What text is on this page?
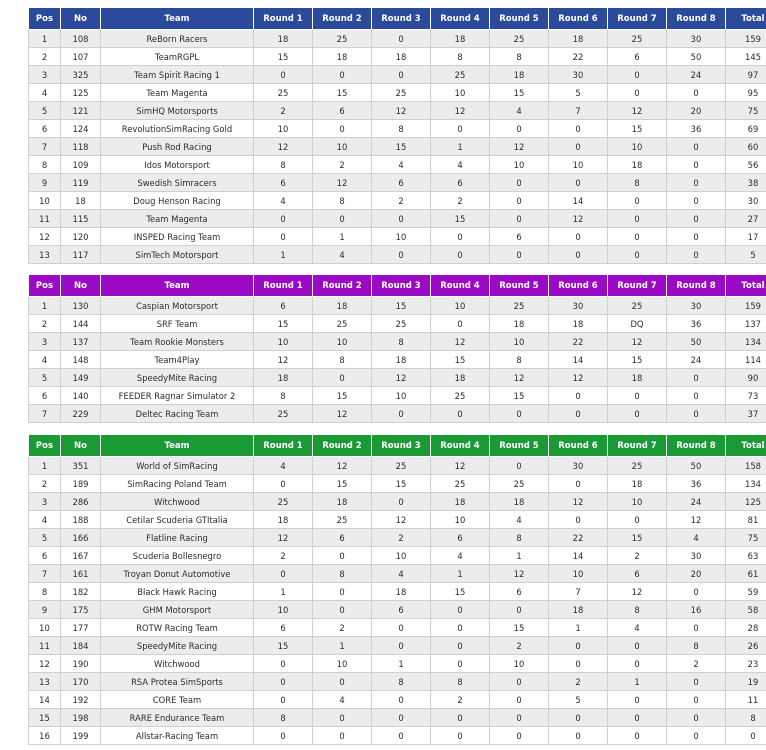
Pos	No	Team	Round 1	Round 2	Round 3	Round 4	Round 5	Round 6	Round 7	Round 8	Total
1	108	ReBorn Racers	18	25	0	18	25	18	25	30	159
2	107	TeamRGPL	15	18	18	8	8	22	6	50	145
3	325	Team Spirit Racing 1	0	0	0	25	18	30	0	24	97
4	125	Team Magenta	25	15	25	10	15	5	0	0	95
5	121	SimHQ Motorsports	2	6	12	12	4	7	12	20	75
6	124	RevolutionSimRacing Gold	10	0	8	0	0	0	15	36	69
7	118	Push Rod Racing	12	10	15	1	12	0	10	0	60
8	109	Idos Motorsport	8	2	4	4	10	10	18	0	56
9	119	Swedish Simracers	6	12	6	6	0	0	8	0	38
10	18	Doug Henson Racing	4	8	2	2	0	14	0	0	30
11	115	Team Magenta	0	0	0	15	0	12	0	0	27
12	120	INSPED Racing Team	0	1	10	0	6	0	0	0	17
13	117	SimTech Motorsport	1	4	0	0	0	0	0	0	5
Pos	No	Team	Round 1	Round 2	Round 3	Round 4	Round 5	Round 6	Round 7	Round 8	Total
1	130	Caspian Motorsport	6	18	15	10	25	30	25	30	159
2	144	SRF Team	15	25	25	0	18	18	DQ	36	137
3	137	Team Rookie Monsters	10	10	8	12	10	22	12	50	134
4	148	Team4Play	12	8	18	15	8	14	15	24	114
5	149	SpeedyMite Racing	18	0	12	18	12	12	18	0	90
6	140	FEEDER Ragnar Simulator 2	8	15	10	25	15	0	0	0	73
7	229	Deltec Racing Team	25	12	0	0	0	0	0	0	37
Pos	No	Team	Round 1	Round 2	Round 3	Round 4	Round 5	Round 6	Round 7	Round 8	Total
1	351	World of SimRacing	4	12	25	12	0	30	25	50	158
2	189	SimRacing Poland Team	0	15	15	25	25	0	18	36	134
3	286	Witchwood	25	18	0	18	18	12	10	24	125
4	188	Cetilar Scuderia GTItalia	18	25	12	10	4	0	0	12	81
5	166	Flatline Racing	12	6	2	6	8	22	15	4	75
6	167	Scuderia Bollesnegro	2	0	10	4	1	14	2	30	63
7	161	Troyan Donut Automotive	0	8	4	1	12	10	6	20	61
8	182	Black Hawk Racing	1	0	18	15	6	7	12	0	59
9	175	GHM Motorsport	10	0	6	0	0	18	8	16	58
10	177	ROTW Racing Team	6	2	0	0	15	1	4	0	28
11	184	SpeedyMite Racing	15	1	0	0	2	0	0	8	26
12	190	Witchwood	0	10	1	0	10	0	0	2	23
13	170	RSA Protea SimSports	0	0	8	8	0	2	1	0	19
14	192	CORE Team	0	4	0	2	0	5	0	0	11
15	198	RARE Endurance Team	8	0	0	0	0	0	0	0	8
16	199	Allstar-Racing Team	0	0	0	0	0	0	0	0	0
